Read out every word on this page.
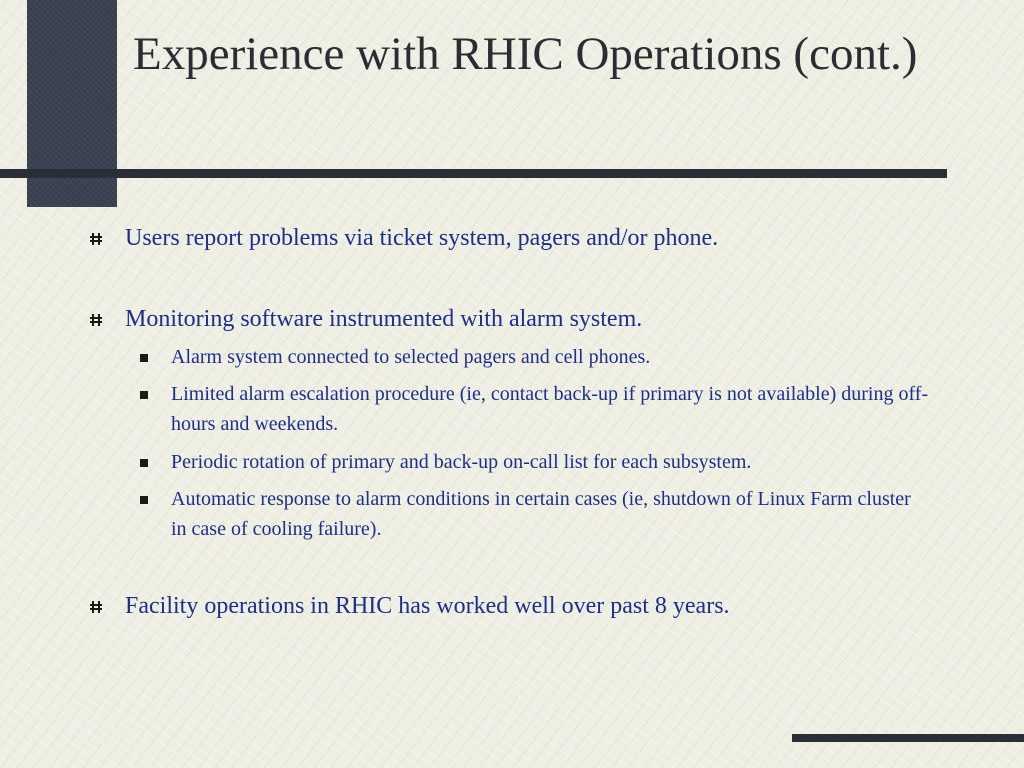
Experience with RHIC Operations (cont.)
Users report problems via ticket system, pagers and/or phone.
Monitoring software instrumented with alarm system.
Alarm system connected to selected pagers and cell phones.
Limited alarm escalation procedure (ie, contact back-up if primary is not available) during off-hours and weekends.
Periodic rotation of primary and back-up on-call list for each subsystem.
Automatic response to alarm conditions in certain cases (ie, shutdown of Linux Farm cluster in case of cooling failure).
Facility operations in RHIC has worked well over past 8 years.
